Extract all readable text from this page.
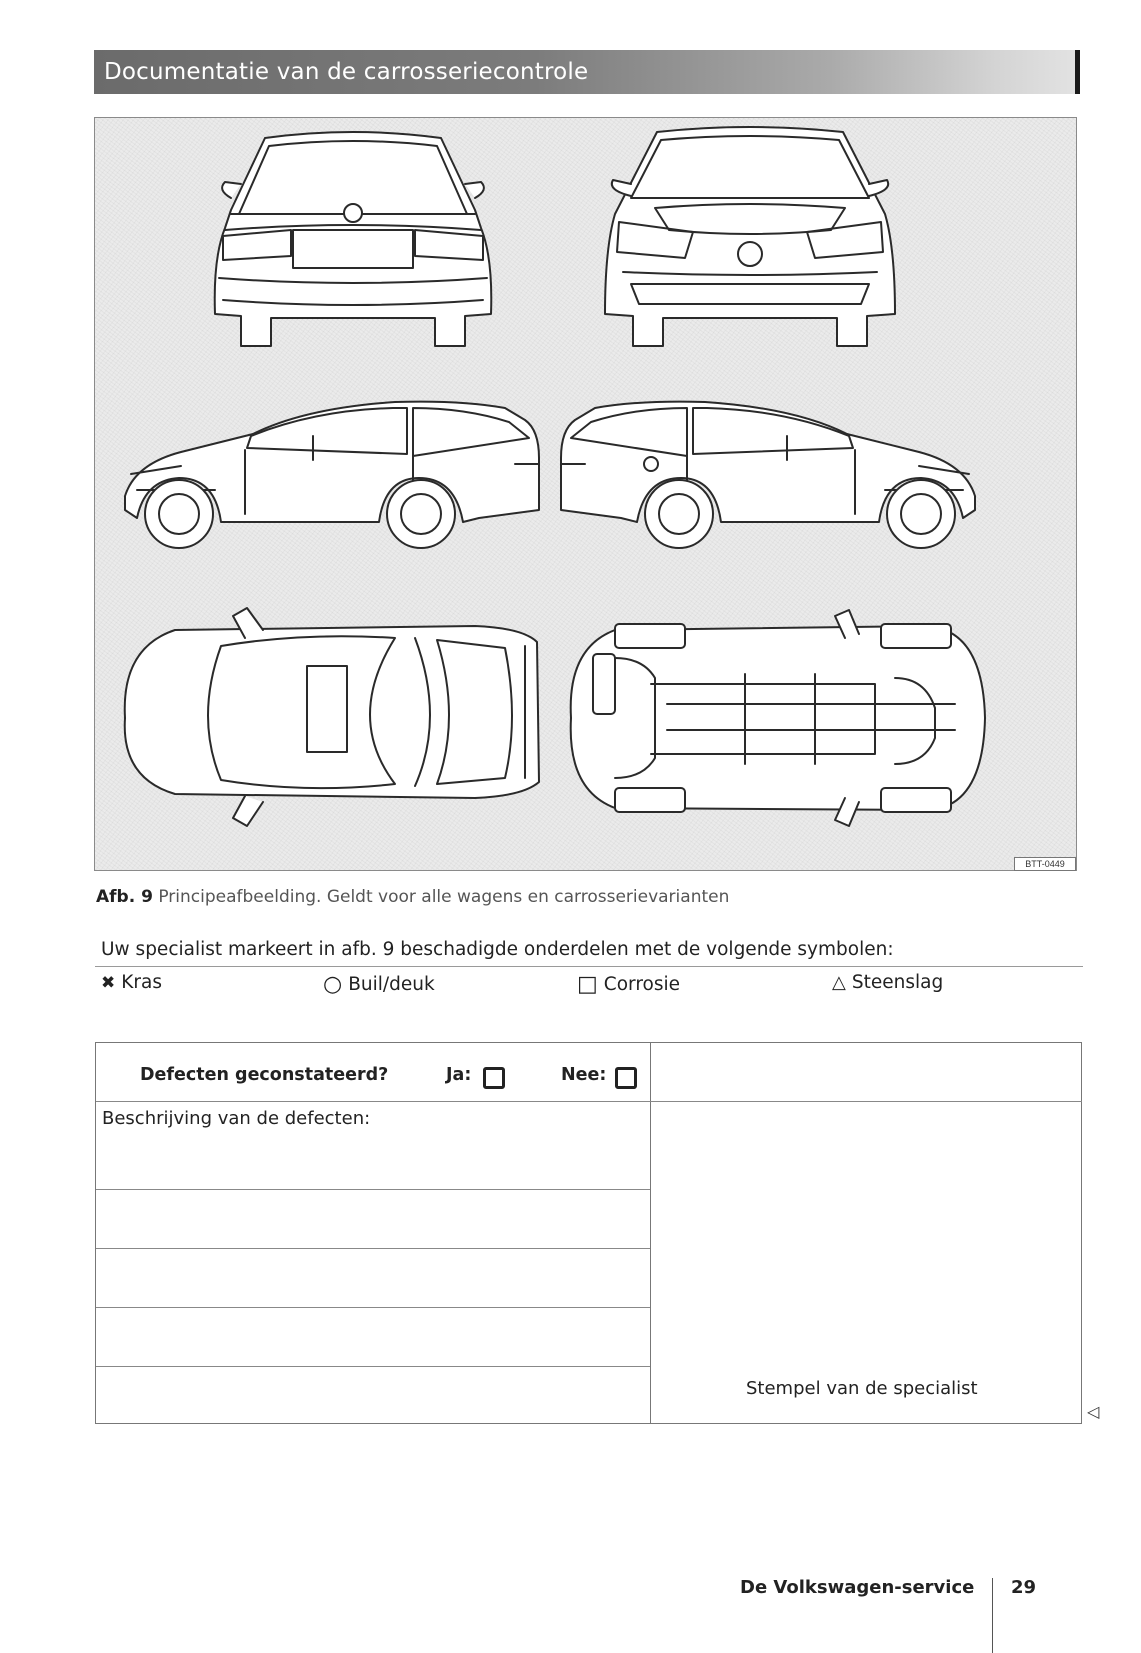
Documentatie van de carrosseriecontrole
BTT-0449
Afb. 9 Principeafbeelding. Geldt voor alle wagens en carrosserievarianten
Uw specialist markeert in afb. 9 beschadigde onderdelen met de volgende symbolen:
✖ Kras	○ Buil/deuk	□ Corrosie	△ Steenslag
Defecten geconstateerd?	Ja:	Nee:
Beschrijving van de defecten:
Stempel van de specialist
◁
De Volkswagen-service 29
